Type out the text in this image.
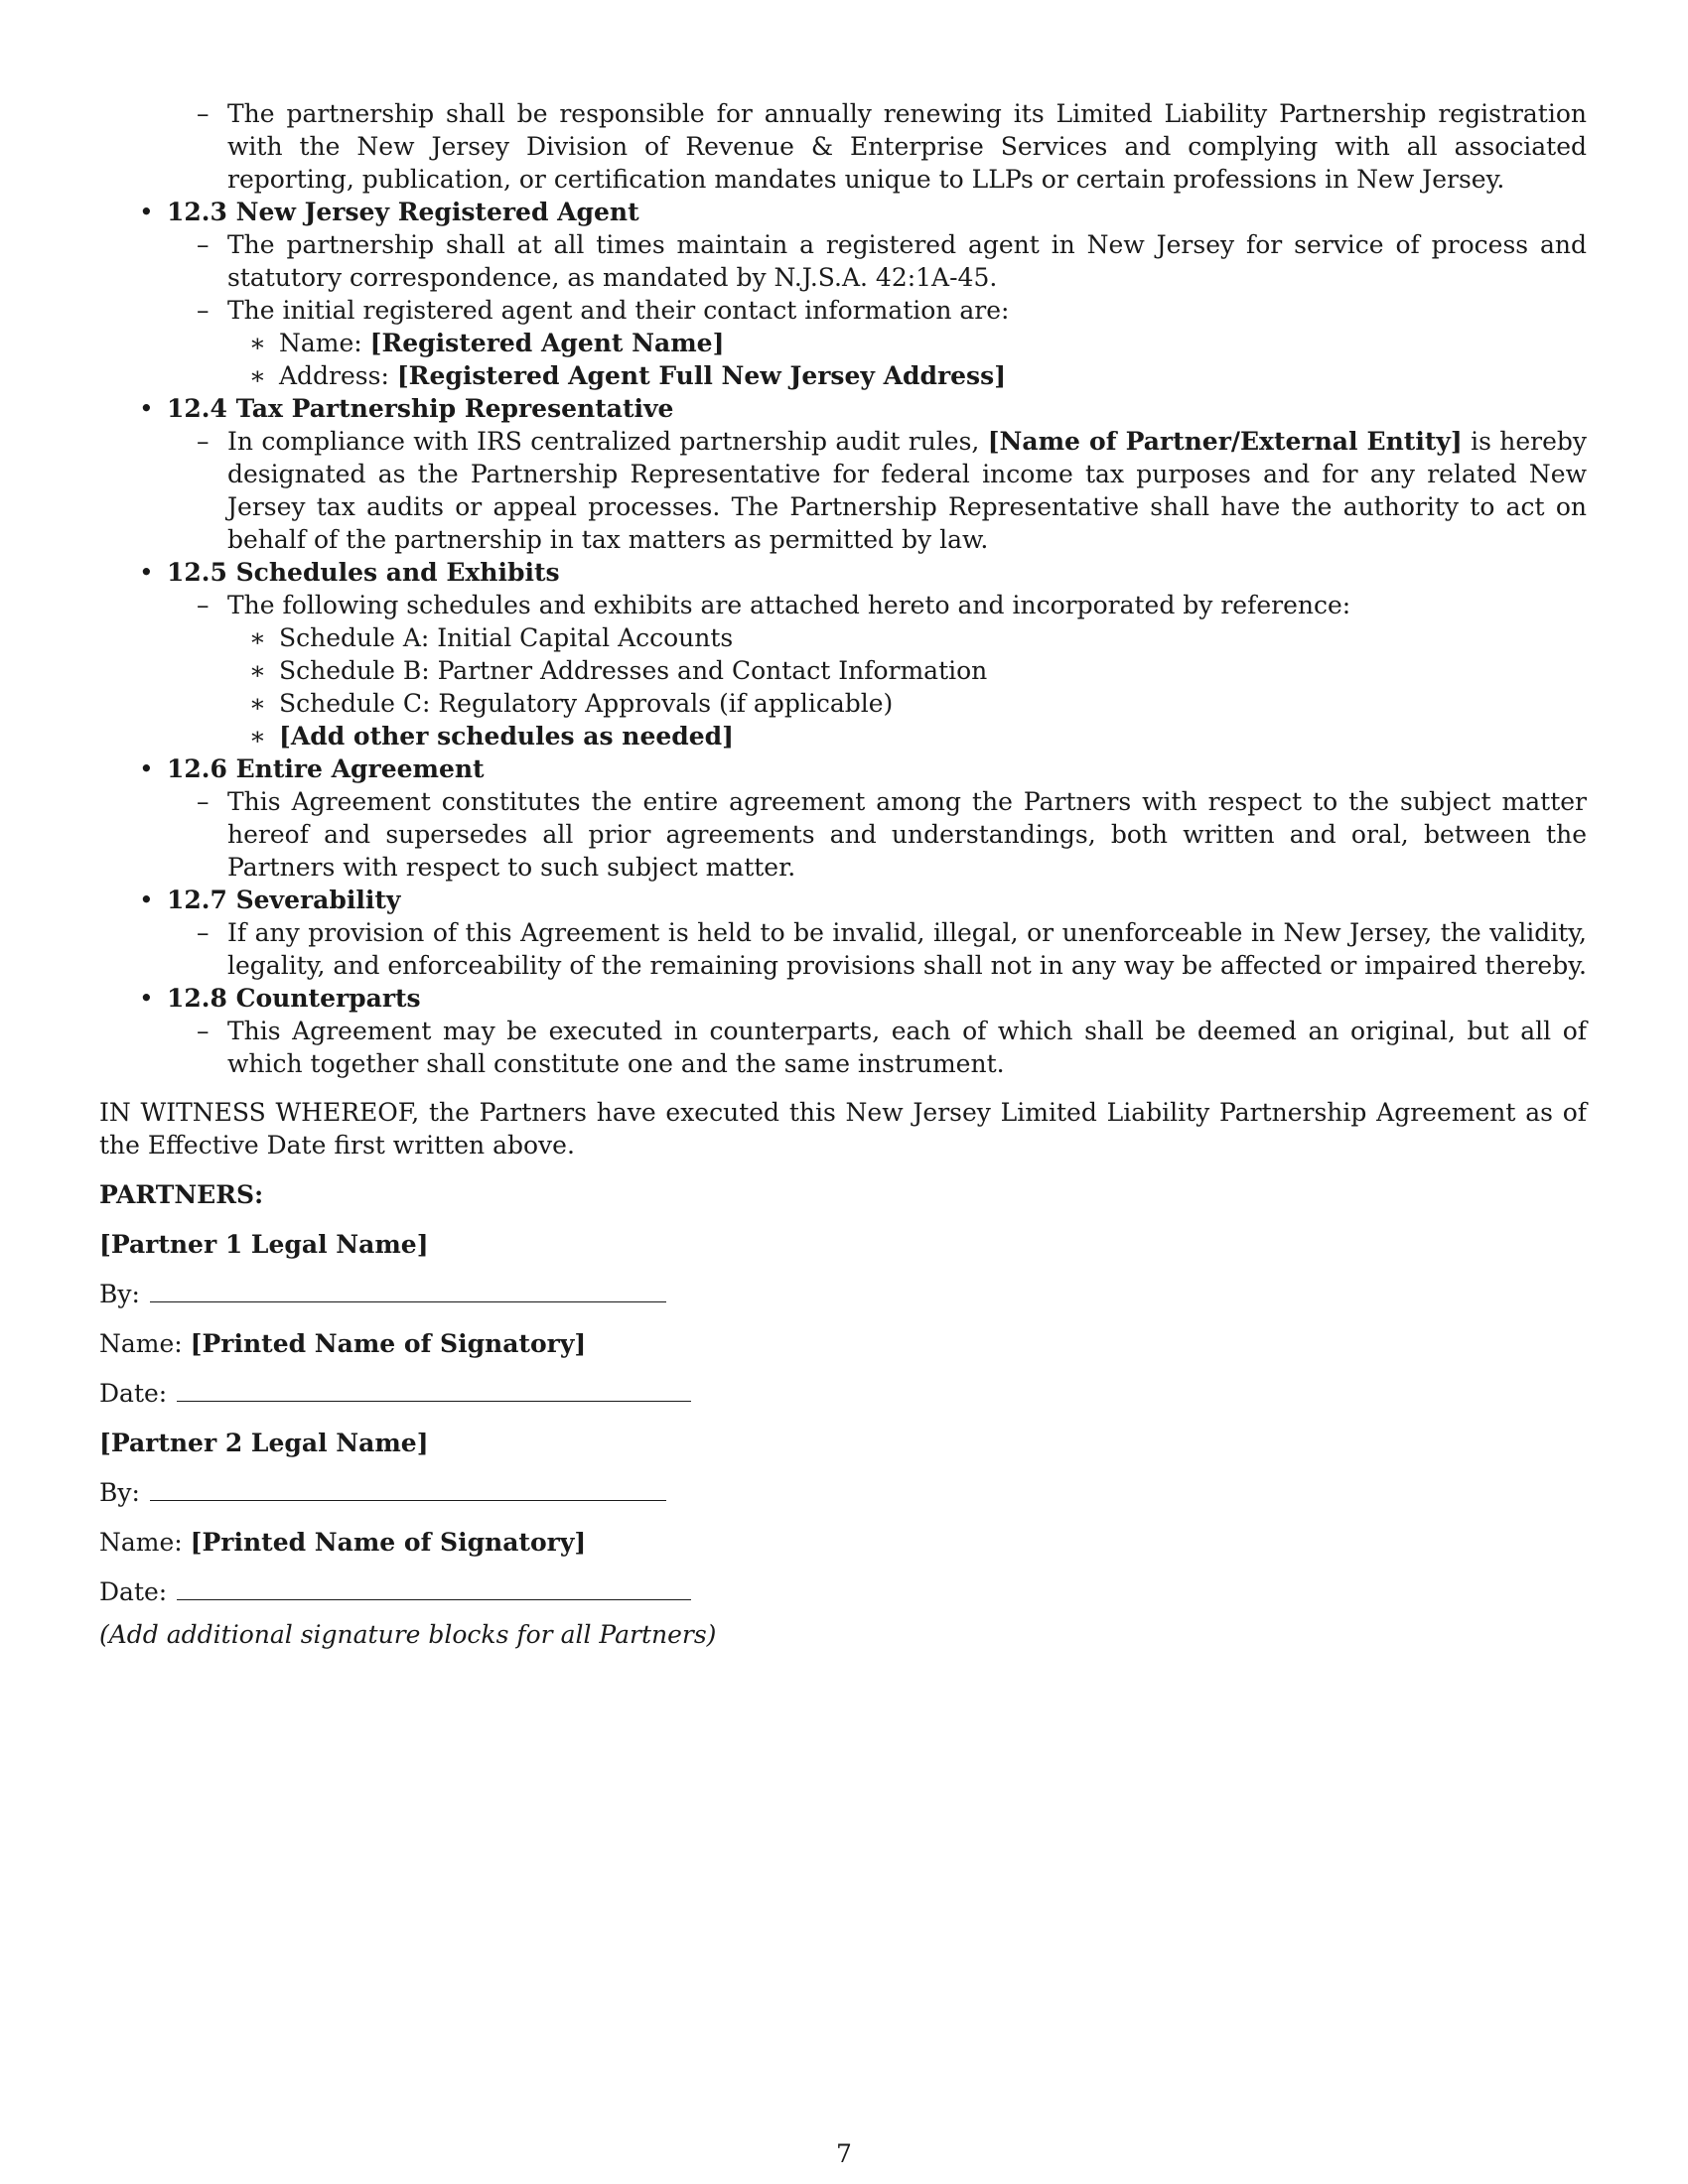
– The partnership shall be responsible for annually renewing its Limited Liability Partnership registration with the New Jersey Division of Revenue & Enterprise Services and complying with all associated reporting, publication, or certification mandates unique to LLPs or certain professions in New Jersey.
• 12.3 New Jersey Registered Agent
– The partnership shall at all times maintain a registered agent in New Jersey for service of process and statutory correspondence, as mandated by N.J.S.A. 42:1A-45.
– The initial registered agent and their contact information are:
∗ Name: [Registered Agent Name]
∗ Address: [Registered Agent Full New Jersey Address]
• 12.4 Tax Partnership Representative
– In compliance with IRS centralized partnership audit rules, [Name of Partner/External Entity] is hereby designated as the Partnership Representative for federal income tax purposes and for any related New Jersey tax audits or appeal processes. The Partnership Representative shall have the authority to act on behalf of the partnership in tax matters as permitted by law.
• 12.5 Schedules and Exhibits
– The following schedules and exhibits are attached hereto and incorporated by reference:
∗ Schedule A: Initial Capital Accounts
∗ Schedule B: Partner Addresses and Contact Information
∗ Schedule C: Regulatory Approvals (if applicable)
∗ [Add other schedules as needed]
• 12.6 Entire Agreement
– This Agreement constitutes the entire agreement among the Partners with respect to the subject matter hereof and supersedes all prior agreements and understandings, both written and oral, between the Partners with respect to such subject matter.
• 12.7 Severability
– If any provision of this Agreement is held to be invalid, illegal, or unenforceable in New Jersey, the validity, legality, and enforceability of the remaining provisions shall not in any way be affected or impaired thereby.
• 12.8 Counterparts
– This Agreement may be executed in counterparts, each of which shall be deemed an original, but all of which together shall constitute one and the same instrument.
IN WITNESS WHEREOF, the Partners have executed this New Jersey Limited Liability Partnership Agreement as of the Effective Date first written above.
PARTNERS:
[Partner 1 Legal Name]
By:
Name: [Printed Name of Signatory]
Date:
[Partner 2 Legal Name]
By:
Name: [Printed Name of Signatory]
Date:
(Add additional signature blocks for all Partners)
7
